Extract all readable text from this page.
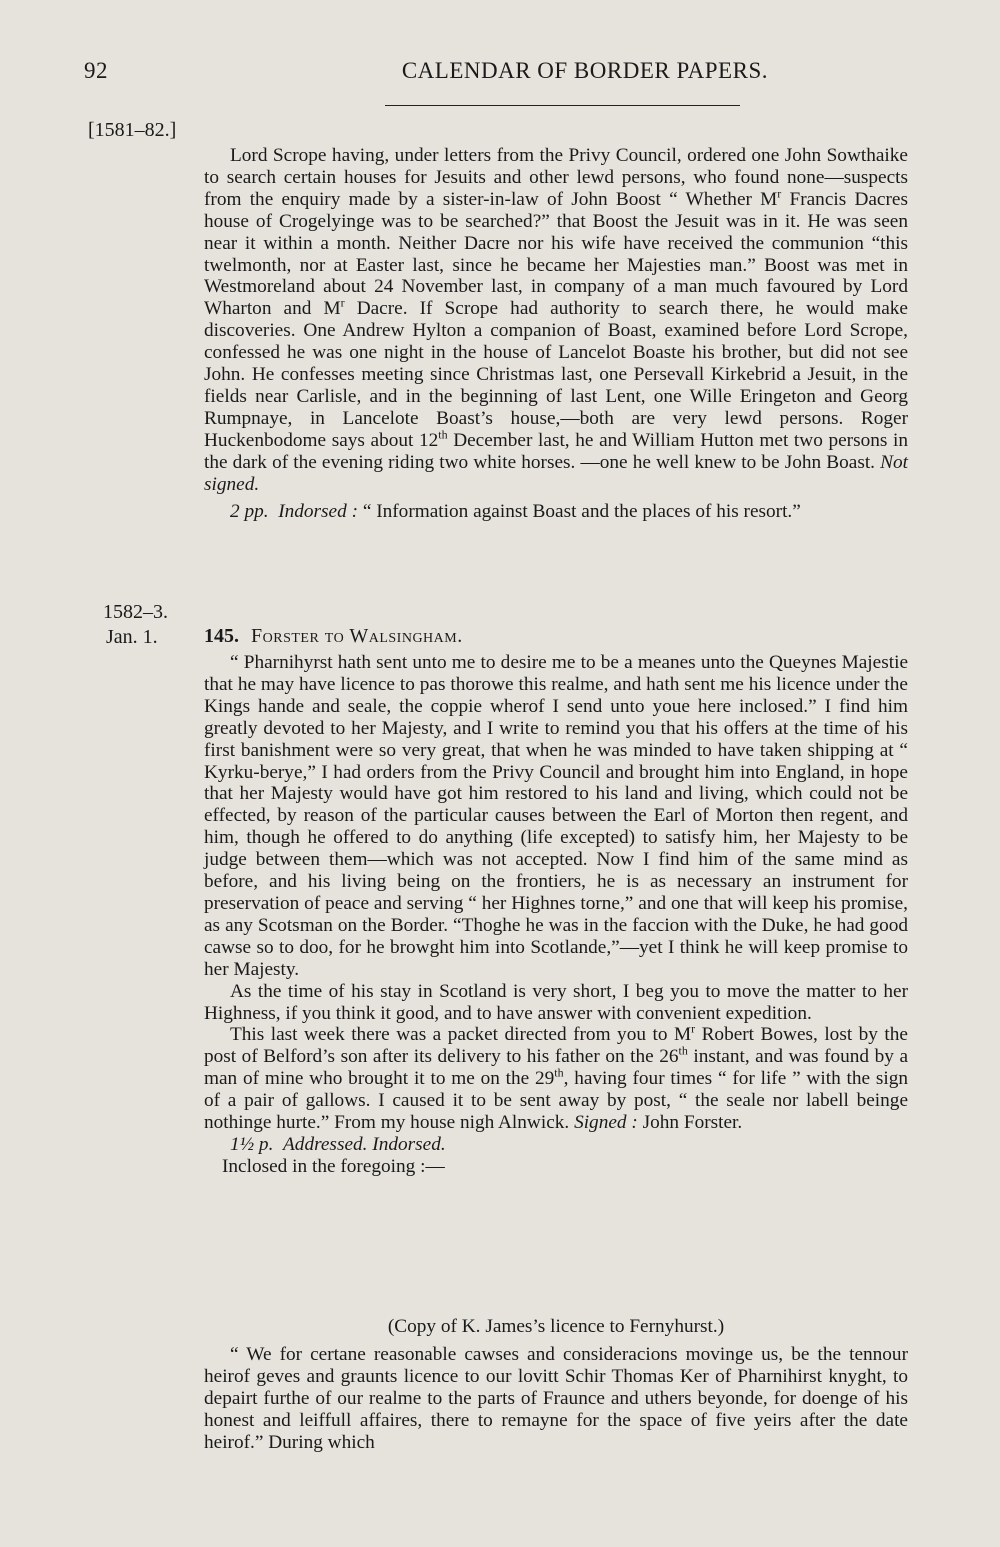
92	CALENDAR OF BORDER PAPERS.
[1581–82.]
1582–3.
Jan. 1.

Lord Scrope having, under letters from the Privy Council, ordered one John Sowthaike to search certain houses for Jesuits and other lewd persons, who found none—suspects from the enquiry made by a sister-in-law of John Boost “ Whether $M^r$ Francis Dacres house of Crogelyinge was to be searched?” that Boost the Jesuit was in it. He was seen near it within a month. Neither Dacre nor his wife have received the communion “this twelmonth, nor at Easter last, since he became her Majesties man.” Boost was met in Westmoreland about 24 November last, in company of a man much favoured by Lord Wharton and $M^r$ Dacre. If Scrope had authority to search there, he would make discoveries. One Andrew Hylton a companion of Boast, examined before Lord Scrope, confessed he was one night in the house of Lancelot Boaste his brother, but did not see John. He confesses meeting since Christmas last, one Persevall Kirkebrid a Jesuit, in the fields near Carlisle, and in the beginning of last Lent, one Wille Eringeton and Georg Rumpnaye, in Lancelote Boast’s house,—both are very lewd persons. Roger Huckenbodome says about 12th December last, he and William Hutton met two persons in the dark of the evening riding two white horses. —one he well knew to be John Boast. Not signed.

2 pp. Indorsed : “ Information against Boast and the places of his resort.”

145. Forster to Walsingham.

“ Pharnihyrst hath sent unto me to desire me to be a meanes unto the Queynes Majestie that he may have licence to pas thorowe this realme, and hath sent me his licence under the Kings hande and seale, the coppie wherof I send unto youe here inclosed.” I find him greatly devoted to her Majesty, and I write to remind you that his offers at the time of his first banishment were so very great, that when he was minded to have taken shipping at “ Kyrku-berye,” I had orders from the Privy Council and brought him into England, in hope that her Majesty would have got him restored to his land and living, which could not be effected, by reason of the particular causes between the Earl of Morton then regent, and him, though he offered to do anything (life excepted) to satisfy him, her Majesty to be judge between them—which was not accepted. Now I find him of the same mind as before, and his living being on the frontiers, he is as necessary an instrument for preservation of peace and serving “ her Highnes torne,” and one that will keep his promise, as any Scotsman on the Border. “Thoghe he was in the faccion with the Duke, he had good cawse so to doo, for he browght him into Scotlande,”—yet I think he will keep promise to her Majesty.

As the time of his stay in Scotland is very short, I beg you to move the matter to her Highness, if you think it good, and to have answer with convenient expedition.

This last week there was a packet directed from you to $M^r$ Robert Bowes, lost by the post of Belford’s son after its delivery to his father on the 26th instant, and was found by a man of mine who brought it to me on the 29th, having four times “ for life ” with the sign of a pair of gallows. I caused it to be sent away by post, “ the seale nor labell beinge nothinge hurte.” From my house nigh Alnwick. Signed : John Forster.

1½ p. Addressed. Indorsed.

Inclosed in the foregoing :—

(Copy of K. James’s licence to Fernyhurst.)

“ We for certane reasonable cawses and consideracions movinge us, be the tennour heirof geves and graunts licence to our lovitt Schir Thomas Ker of Pharnihirst knyght, to depairt furthe of our realme to the parts of Fraunce and uthers beyonde, for doenge of his honest and leiffull affaires, there to remayne for the space of five yeirs after the date heirof.” During which
